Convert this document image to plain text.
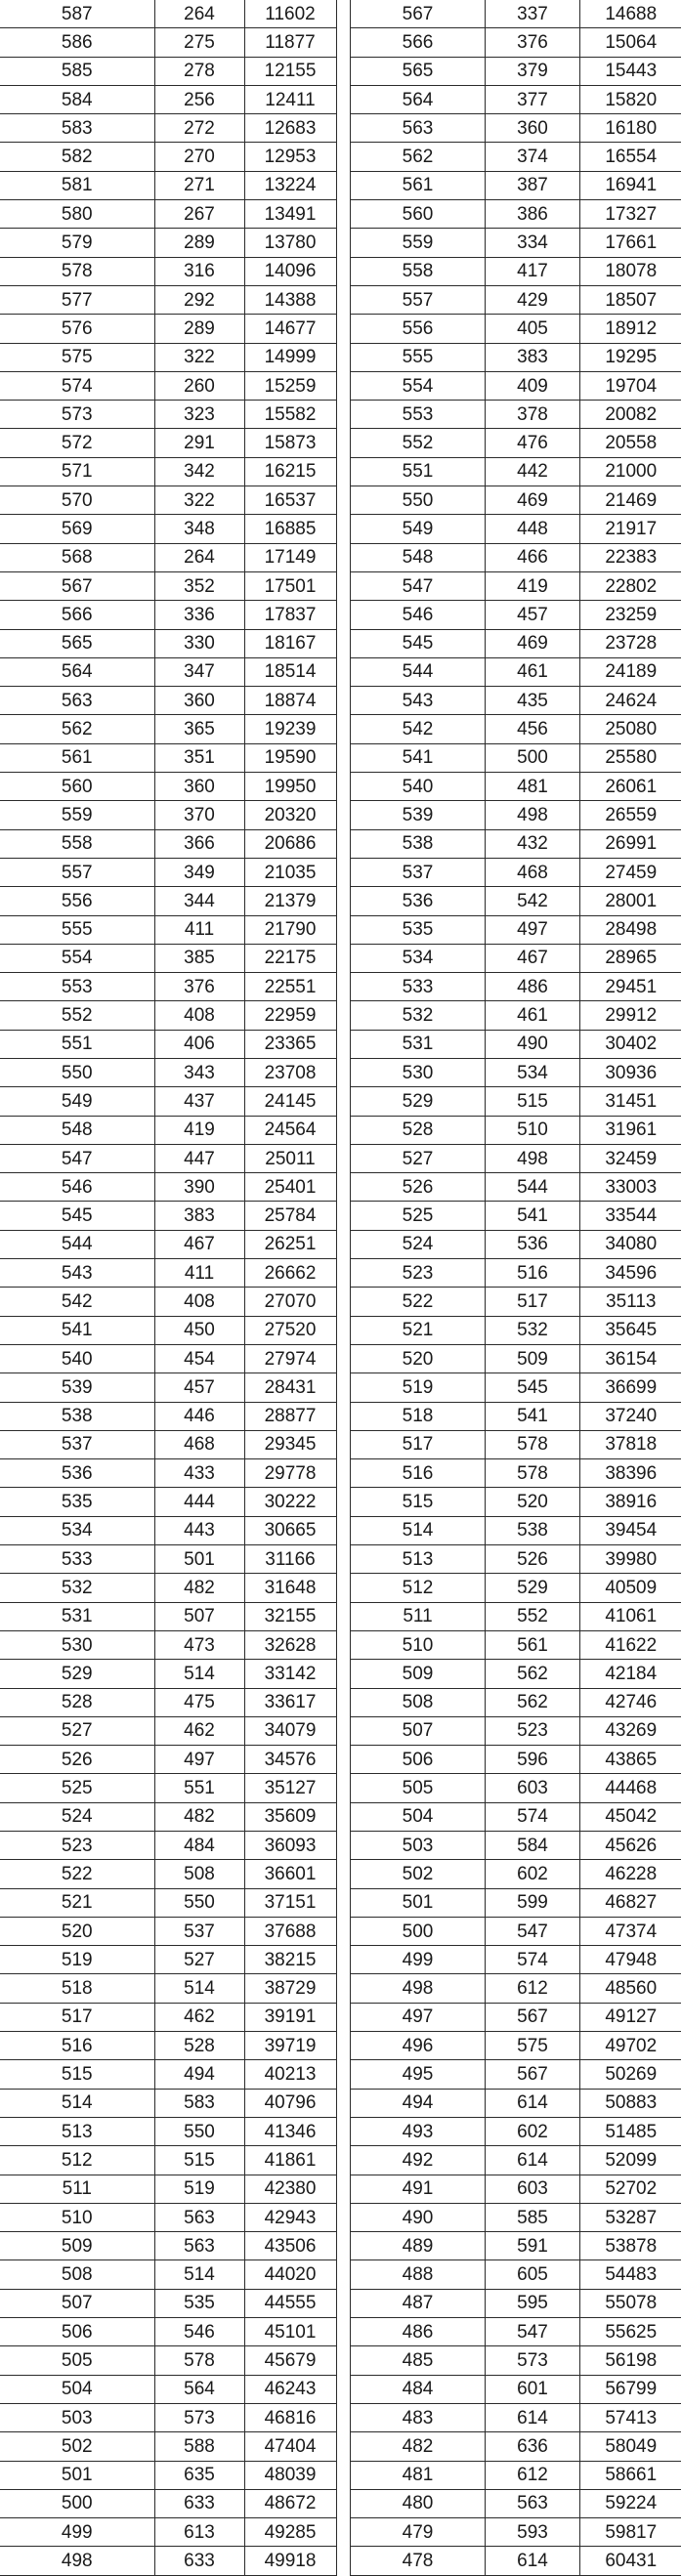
587	264	11602
586	275	11877
585	278	12155
584	256	12411
583	272	12683
582	270	12953
581	271	13224
580	267	13491
579	289	13780
578	316	14096
577	292	14388
576	289	14677
575	322	14999
574	260	15259
573	323	15582
572	291	15873
571	342	16215
570	322	16537
569	348	16885
568	264	17149
567	352	17501
566	336	17837
565	330	18167
564	347	18514
563	360	18874
562	365	19239
561	351	19590
560	360	19950
559	370	20320
558	366	20686
557	349	21035
556	344	21379
555	411	21790
554	385	22175
553	376	22551
552	408	22959
551	406	23365
550	343	23708
549	437	24145
548	419	24564
547	447	25011
546	390	25401
545	383	25784
544	467	26251
543	411	26662
542	408	27070
541	450	27520
540	454	27974
539	457	28431
538	446	28877
537	468	29345
536	433	29778
535	444	30222
534	443	30665
533	501	31166
532	482	31648
531	507	32155
530	473	32628
529	514	33142
528	475	33617
527	462	34079
526	497	34576
525	551	35127
524	482	35609
523	484	36093
522	508	36601
521	550	37151
520	537	37688
519	527	38215
518	514	38729
517	462	39191
516	528	39719
515	494	40213
514	583	40796
513	550	41346
512	515	41861
511	519	42380
510	563	42943
509	563	43506
508	514	44020
507	535	44555
506	546	45101
505	578	45679
504	564	46243
503	573	46816
502	588	47404
501	635	48039
500	633	48672
499	613	49285
498	633	49918
567	337	14688
566	376	15064
565	379	15443
564	377	15820
563	360	16180
562	374	16554
561	387	16941
560	386	17327
559	334	17661
558	417	18078
557	429	18507
556	405	18912
555	383	19295
554	409	19704
553	378	20082
552	476	20558
551	442	21000
550	469	21469
549	448	21917
548	466	22383
547	419	22802
546	457	23259
545	469	23728
544	461	24189
543	435	24624
542	456	25080
541	500	25580
540	481	26061
539	498	26559
538	432	26991
537	468	27459
536	542	28001
535	497	28498
534	467	28965
533	486	29451
532	461	29912
531	490	30402
530	534	30936
529	515	31451
528	510	31961
527	498	32459
526	544	33003
525	541	33544
524	536	34080
523	516	34596
522	517	35113
521	532	35645
520	509	36154
519	545	36699
518	541	37240
517	578	37818
516	578	38396
515	520	38916
514	538	39454
513	526	39980
512	529	40509
511	552	41061
510	561	41622
509	562	42184
508	562	42746
507	523	43269
506	596	43865
505	603	44468
504	574	45042
503	584	45626
502	602	46228
501	599	46827
500	547	47374
499	574	47948
498	612	48560
497	567	49127
496	575	49702
495	567	50269
494	614	50883
493	602	51485
492	614	52099
491	603	52702
490	585	53287
489	591	53878
488	605	54483
487	595	55078
486	547	55625
485	573	56198
484	601	56799
483	614	57413
482	636	58049
481	612	58661
480	563	59224
479	593	59817
478	614	60431
